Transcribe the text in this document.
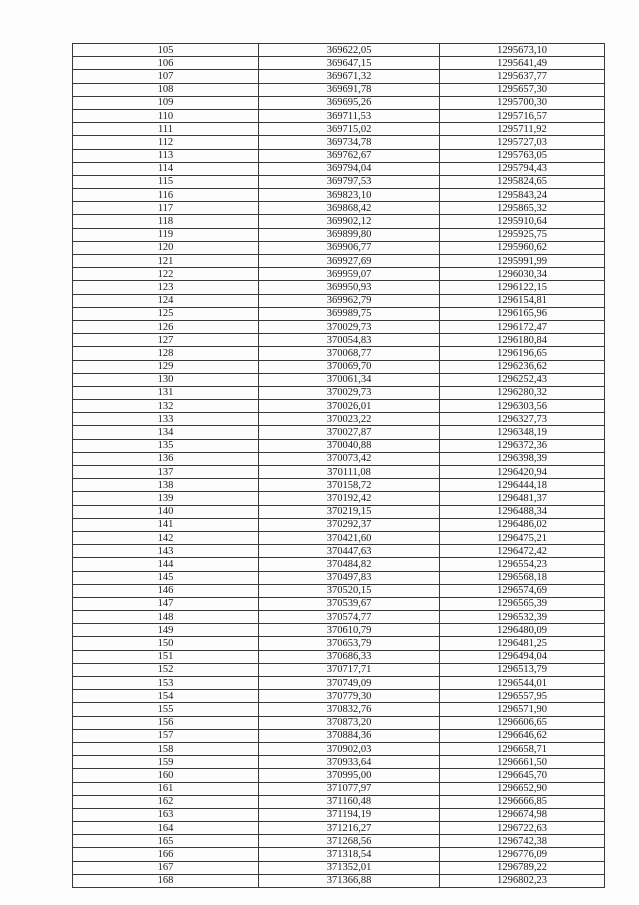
105	369622,05	1295673,10
106	369647,15	1295641,49
107	369671,32	1295637,77
108	369691,78	1295657,30
109	369695,26	1295700,30
110	369711,53	1295716,57
111	369715,02	1295711,92
112	369734,78	1295727,03
113	369762,67	1295763,05
114	369794,04	1295794,43
115	369797,53	1295824,65
116	369823,10	1295843,24
117	369868,42	1295865,32
118	369902,12	1295910,64
119	369899,80	1295925,75
120	369906,77	1295960,62
121	369927,69	1295991,99
122	369959,07	1296030,34
123	369950,93	1296122,15
124	369962,79	1296154,81
125	369989,75	1296165,96
126	370029,73	1296172,47
127	370054,83	1296180,84
128	370068,77	1296196,65
129	370069,70	1296236,62
130	370061,34	1296252,43
131	370029,73	1296280,32
132	370026,01	1296303,56
133	370023,22	1296327,73
134	370027,87	1296348,19
135	370040,88	1296372,36
136	370073,42	1296398,39
137	370111,08	1296420,94
138	370158,72	1296444,18
139	370192,42	1296481,37
140	370219,15	1296488,34
141	370292,37	1296486,02
142	370421,60	1296475,21
143	370447,63	1296472,42
144	370484,82	1296554,23
145	370497,83	1296568,18
146	370520,15	1296574,69
147	370539,67	1296565,39
148	370574,77	1296532,39
149	370610,79	1296480,09
150	370653,79	1296481,25
151	370686,33	1296494,04
152	370717,71	1296513,79
153	370749,09	1296544,01
154	370779,30	1296557,95
155	370832,76	1296571,90
156	370873,20	1296606,65
157	370884,36	1296646,62
158	370902,03	1296658,71
159	370933,64	1296661,50
160	370995,00	1296645,70
161	371077,97	1296652,90
162	371160,48	1296666,85
163	371194,19	1296674,98
164	371216,27	1296722,63
165	371268,56	1296742,38
166	371318,54	1296776,09
167	371352,01	1296789,22
168	371366,88	1296802,23
